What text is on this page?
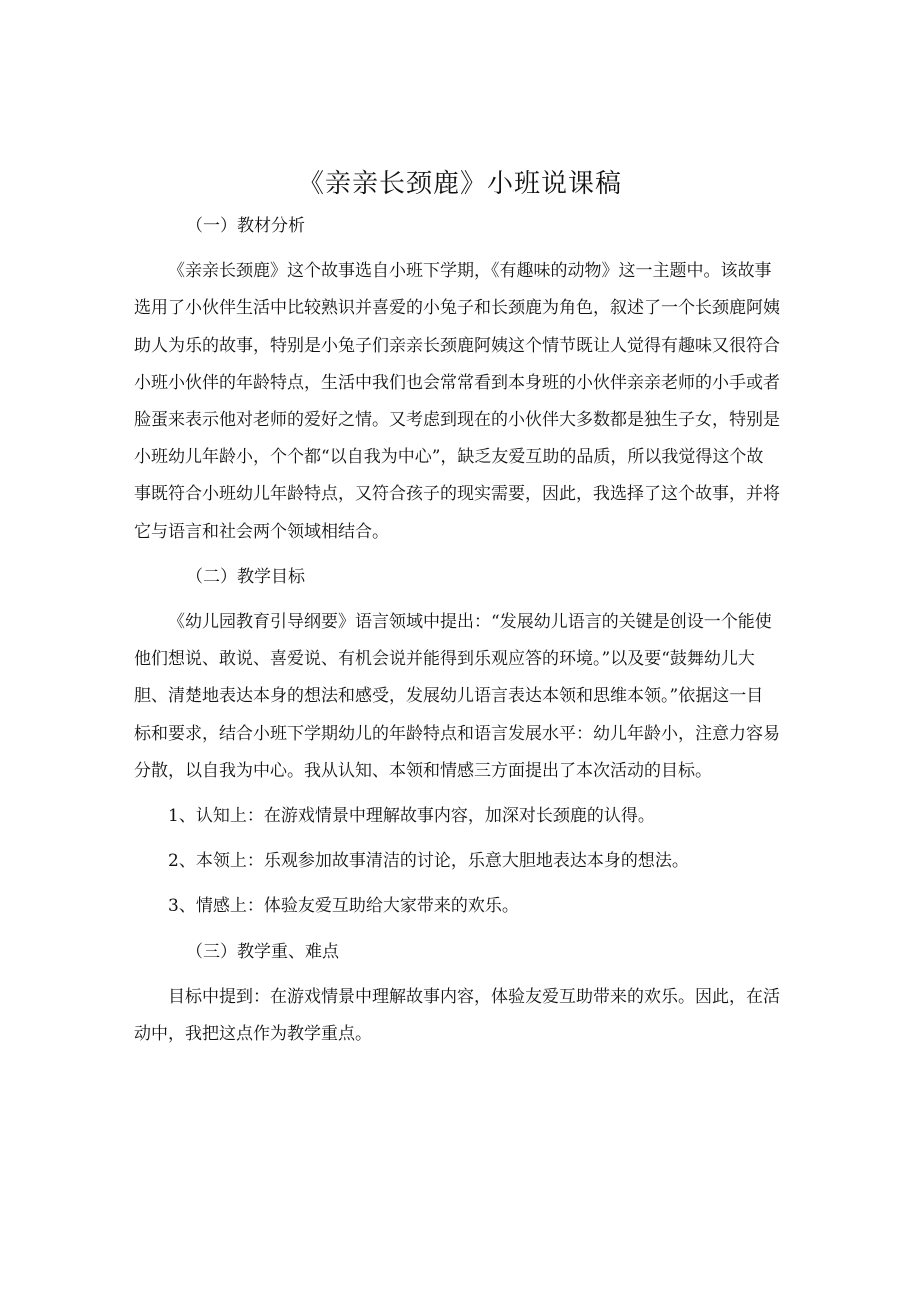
《亲亲长颈鹿》小班说课稿
（一）教材分析
《亲亲长颈鹿》这个故事选自小班下学期，《有趣味的动物》这一主题中。该故事
选用了小伙伴生活中比较熟识并喜爱的小兔子和长颈鹿为角色，叙述了一个长颈鹿阿姨
助人为乐的故事，特别是小兔子们亲亲长颈鹿阿姨这个情节既让人觉得有趣味又很符合
小班小伙伴的年龄特点，生活中我们也会常常看到本身班的小伙伴亲亲老师的小手或者
脸蛋来表示他对老师的爱好之情。又考虑到现在的小伙伴大多数都是独生子女，特别是
小班幼儿年龄小，个个都“以自我为中心”，缺乏友爱互助的品质，所以我觉得这个故
事既符合小班幼儿年龄特点，又符合孩子的现实需要，因此，我选择了这个故事，并将
它与语言和社会两个领域相结合。
（二）教学目标
《幼儿园教育引导纲要》语言领域中提出：“发展幼儿语言的关键是创设一个能使
他们想说、敢说、喜爱说、有机会说并能得到乐观应答的环境。”以及要“鼓舞幼儿大
胆、清楚地表达本身的想法和感受，发展幼儿语言表达本领和思维本领。”依据这一目
标和要求，结合小班下学期幼儿的年龄特点和语言发展水平：幼儿年龄小，注意力容易
分散，以自我为中心。我从认知、本领和情感三方面提出了本次活动的目标。
1、认知上：在游戏情景中理解故事内容，加深对长颈鹿的认得。
2、本领上：乐观参加故事清洁的讨论，乐意大胆地表达本身的想法。
3、情感上：体验友爱互助给大家带来的欢乐。
（三）教学重、难点
目标中提到：在游戏情景中理解故事内容，体验友爱互助带来的欢乐。因此，在活
动中，我把这点作为教学重点。
